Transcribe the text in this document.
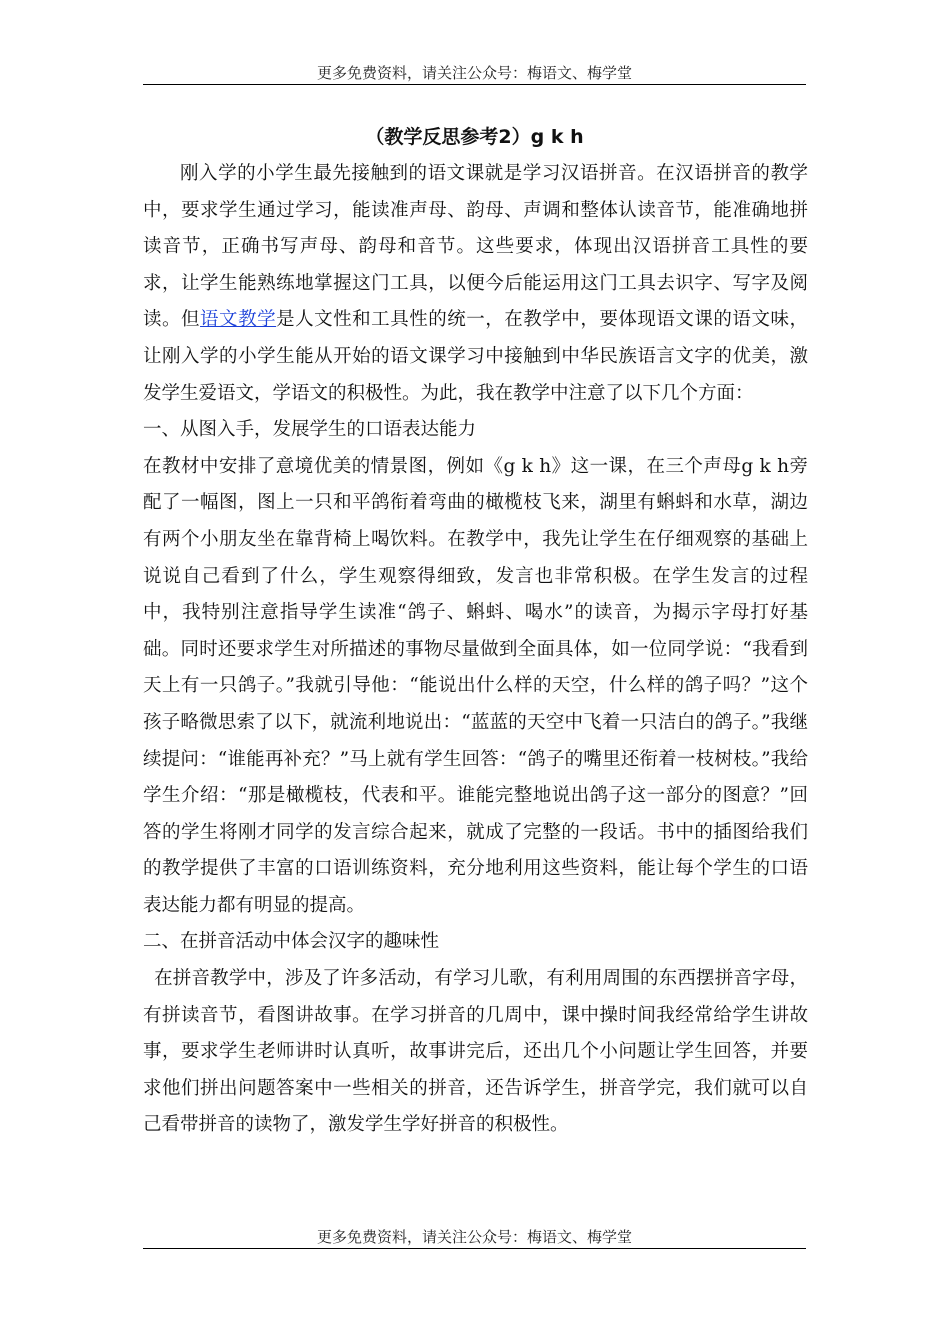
更多免费资料，请关注公众号：梅语文、梅学堂
（教学反思参考2）g k h

刚入学的小学生最先接触到的语文课就是学习汉语拼音。在汉语拼音的教学中，要求学生通过学习，能读准声母、韵母、声调和整体认读音节，能准确地拼读音节，正确书写声母、韵母和音节。这些要求，体现出汉语拼音工具性的要求，让学生能熟练地掌握这门工具，以便今后能运用这门工具去识字、写字及阅读。但语文教学是人文性和工具性的统一，在教学中，要体现语文课的语文味，让刚入学的小学生能从开始的语文课学习中接触到中华民族语言文字的优美，激发学生爱语文，学语文的积极性。为此，我在教学中注意了以下几个方面：

一、从图入手，发展学生的口语表达能力

在教材中安排了意境优美的情景图，例如《g k h》这一课，在三个声母g k h旁配了一幅图，图上一只和平鸽衔着弯曲的橄榄枝飞来，湖里有蝌蚪和水草，湖边有两个小朋友坐在靠背椅上喝饮料。在教学中，我先让学生在仔细观察的基础上说说自己看到了什么，学生观察得细致，发言也非常积极。在学生发言的过程中，我特别注意指导学生读准“鸽子、蝌蚪、喝水”的读音，为揭示字母打好基础。同时还要求学生对所描述的事物尽量做到全面具体，如一位同学说：“我看到天上有一只鸽子。”我就引导他：“能说出什么样的天空，什么样的鸽子吗？”这个孩子略微思索了以下，就流利地说出：“蓝蓝的天空中飞着一只洁白的鸽子。”我继续提问：“谁能再补充？”马上就有学生回答：“鸽子的嘴里还衔着一枝树枝。”我给学生介绍：“那是橄榄枝，代表和平。谁能完整地说出鸽子这一部分的图意？”回答的学生将刚才同学的发言综合起来，就成了完整的一段话。书中的插图给我们的教学提供了丰富的口语训练资料，充分地利用这些资料，能让每个学生的口语表达能力都有明显的提高。

二、在拼音活动中体会汉字的趣味性

在拼音教学中，涉及了许多活动，有学习儿歌，有利用周围的东西摆拼音字母，有拼读音节，看图讲故事。在学习拼音的几周中，课中操时间我经常给学生讲故事，要求学生老师讲时认真听，故事讲完后，还出几个小问题让学生回答，并要求他们拼出问题答案中一些相关的拼音，还告诉学生，拼音学完，我们就可以自己看带拼音的读物了，激发学生学好拼音的积极性。

更多免费资料，请关注公众号：梅语文、梅学堂
